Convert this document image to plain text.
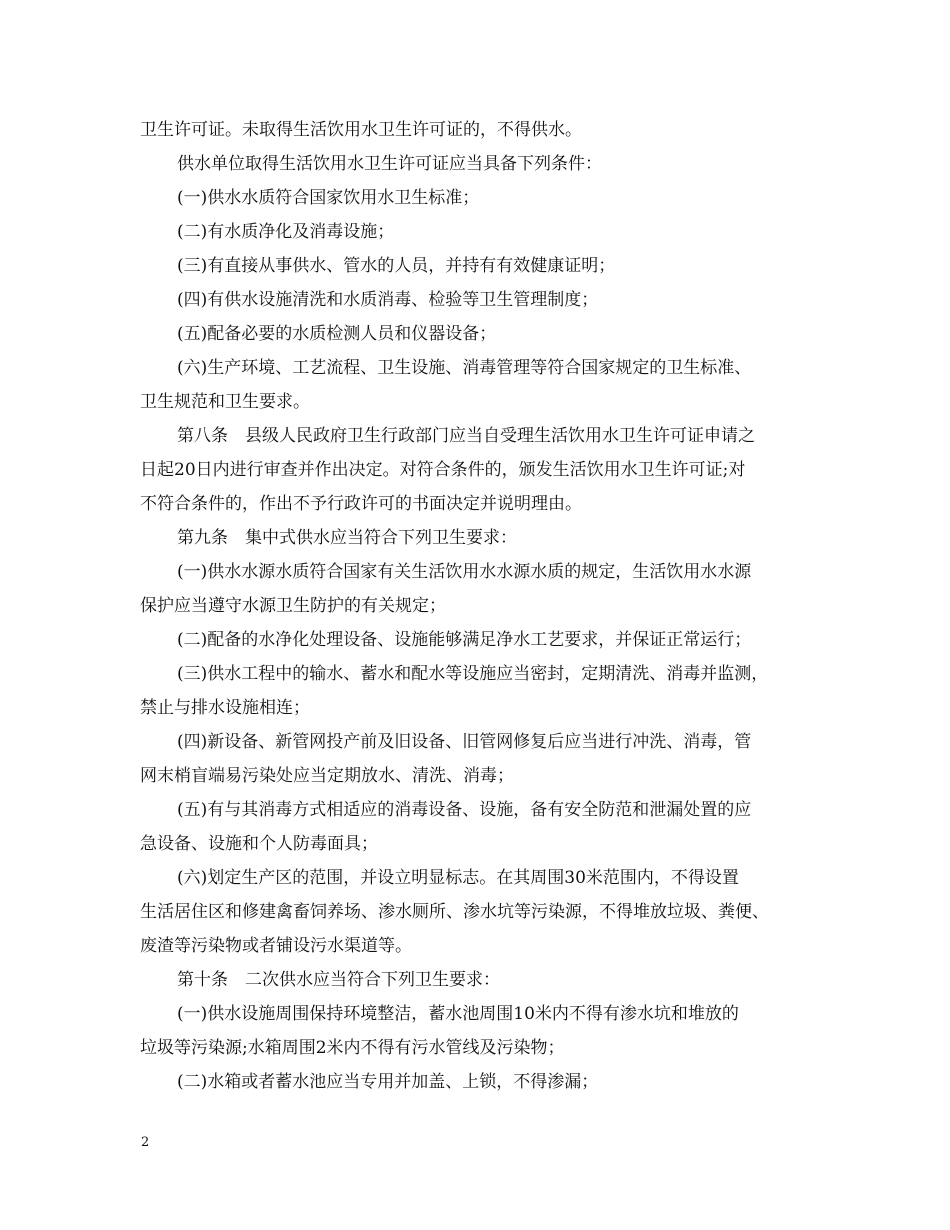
卫生许可证。未取得生活饮用水卫生许可证的，不得供水。
供水单位取得生活饮用水卫生许可证应当具备下列条件：
(一)供水水质符合国家饮用水卫生标准；
(二)有水质净化及消毒设施；
(三)有直接从事供水、管水的人员，并持有有效健康证明；
(四)有供水设施清洗和水质消毒、检验等卫生管理制度；
(五)配备必要的水质检测人员和仪器设备；
(六)生产环境、工艺流程、卫生设施、消毒管理等符合国家规定的卫生标准、
卫生规范和卫生要求。
第八条　县级人民政府卫生行政部门应当自受理生活饮用水卫生许可证申请之
日起20日内进行审查并作出决定。对符合条件的，颁发生活饮用水卫生许可证;对
不符合条件的，作出不予行政许可的书面决定并说明理由。
第九条　集中式供水应当符合下列卫生要求：
(一)供水水源水质符合国家有关生活饮用水水源水质的规定，生活饮用水水源
保护应当遵守水源卫生防护的有关规定；
(二)配备的水净化处理设备、设施能够满足净水工艺要求，并保证正常运行；
(三)供水工程中的输水、蓄水和配水等设施应当密封，定期清洗、消毒并监测，
禁止与排水设施相连；
(四)新设备、新管网投产前及旧设备、旧管网修复后应当进行冲洗、消毒，管
网末梢盲端易污染处应当定期放水、清洗、消毒；
(五)有与其消毒方式相适应的消毒设备、设施，备有安全防范和泄漏处置的应
急设备、设施和个人防毒面具；
(六)划定生产区的范围，并设立明显标志。在其周围30米范围内，不得设置
生活居住区和修建禽畜饲养场、渗水厕所、渗水坑等污染源，不得堆放垃圾、粪便、
废渣等污染物或者铺设污水渠道等。
第十条　二次供水应当符合下列卫生要求：
(一)供水设施周围保持环境整洁，蓄水池周围10米内不得有渗水坑和堆放的
垃圾等污染源;水箱周围2米内不得有污水管线及污染物；
(二)水箱或者蓄水池应当专用并加盖、上锁，不得渗漏；
2
